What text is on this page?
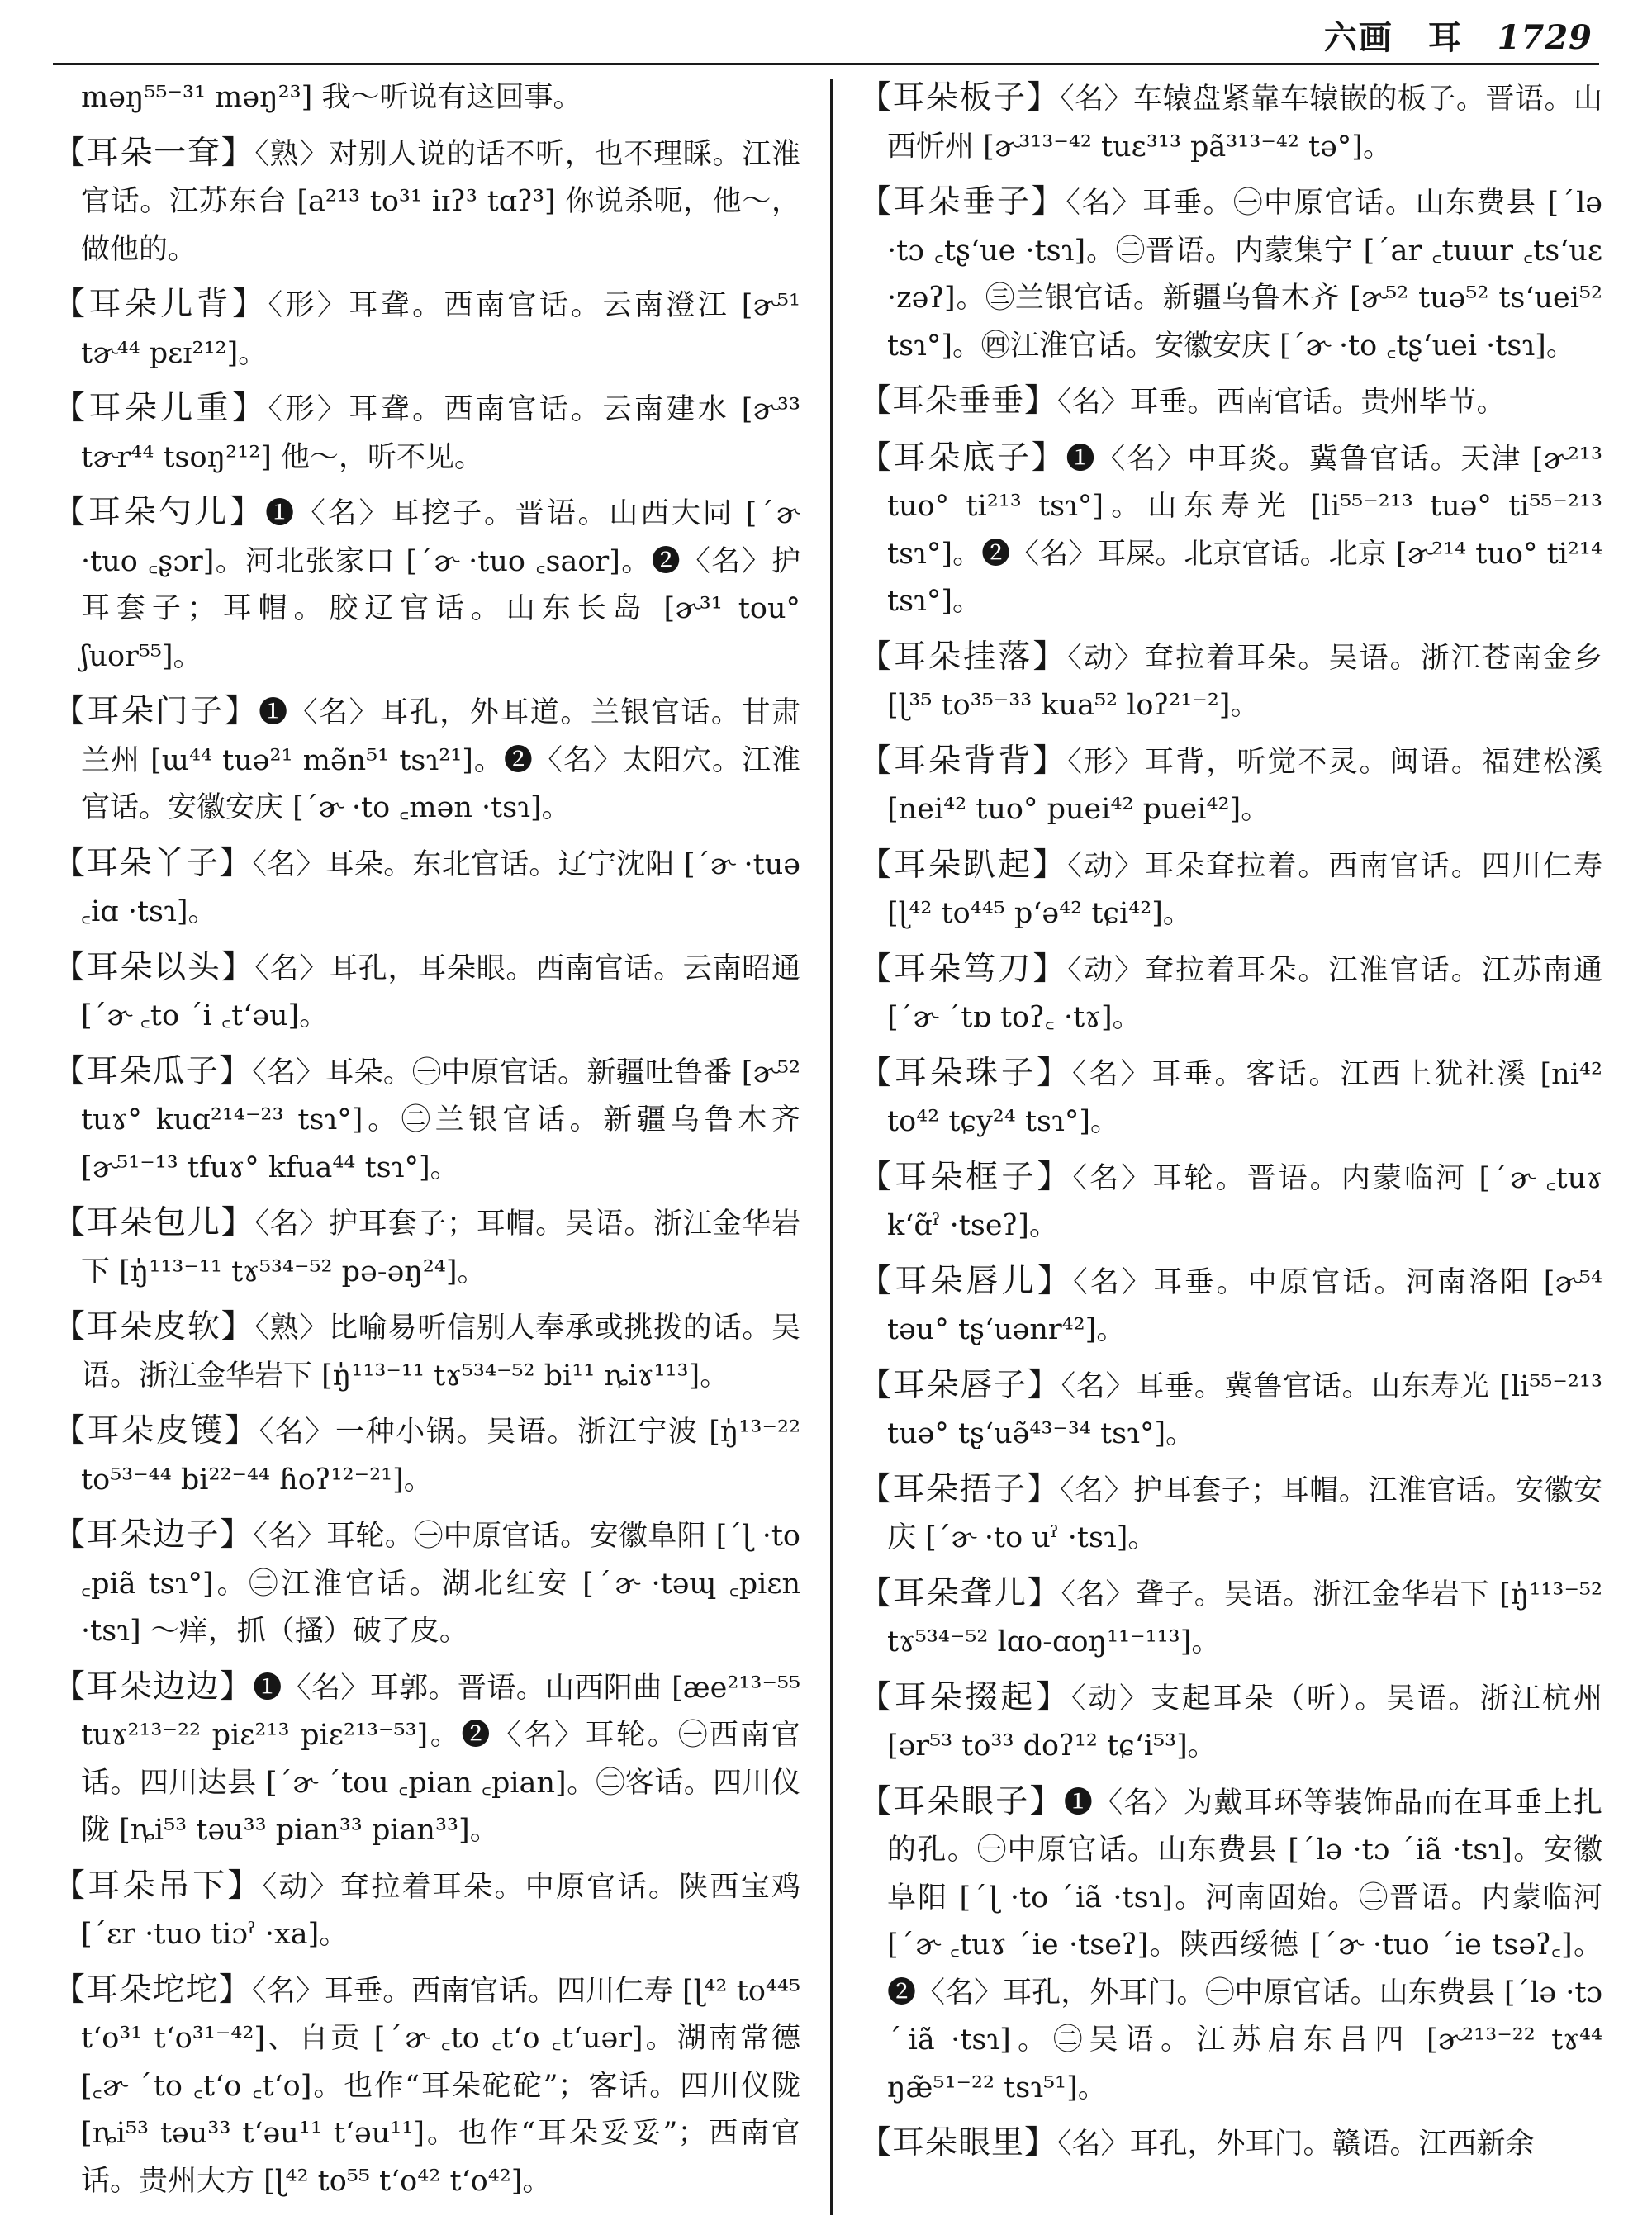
六画 耳 1729

məŋ⁵⁵⁻³¹ məŋ²³] 我～听说有这回事。

【耳朵一耷】〈熟〉对别人说的话不听，也不理睬。江淮官话。江苏东台 [a²¹³ to³¹ iɪʔ³ tɑʔ³] 你说杀呃，他～，做他的。

【耳朵儿背】〈形〉耳聋。西南官话。云南澄江 [ɚ⁵¹ tɚ⁴⁴ pɛɪ²¹²]。

【耳朵儿重】〈形〉耳聋。西南官话。云南建水 [ɚ³³ tɚr⁴⁴ tsoŋ²¹²] 他～，听不见。

【耳朵勺儿】❶〈名〉耳挖子。晋语。山西大同 [ˊɚ ·tuo ꜀ʂɔr]。河北张家口 [ˊɚ ·tuo ꜀saor]。❷〈名〉护耳套子；耳帽。胶辽官话。山东长岛 [ɚ³¹ tou° ʃuor⁵⁵]。

【耳朵门子】❶〈名〉耳孔，外耳道。兰银官话。甘肃兰州 [ɯ⁴⁴ tuə²¹ mə̃n⁵¹ tsɿ²¹]。❷〈名〉太阳穴。江淮官话。安徽安庆 [ˊɚ ·to ꜀mən ·tsɿ]。

【耳朵丫子】〈名〉耳朵。东北官话。辽宁沈阳 [ˊɚ ·tuə ꜀iɑ ·tsɿ]。

【耳朵以头】〈名〉耳孔，耳朵眼。西南官话。云南昭通 [ˊɚ ꜀to ˊi ꜀tʻəu]。

【耳朵瓜子】〈名〉耳朵。㊀中原官话。新疆吐鲁番 [ɚ⁵² tuɤ° kuɑ²¹⁴⁻²³ tsɿ°]。㊁兰银官话。新疆乌鲁木齐 [ɚ⁵¹⁻¹³ tfuɤ° kfua⁴⁴ tsɿ°]。

【耳朵包儿】〈名〉护耳套子；耳帽。吴语。浙江金华岩下 [ŋ̍¹¹³⁻¹¹ tɤ⁵³⁴⁻⁵² pə-əŋ²⁴]。

【耳朵皮软】〈熟〉比喻易听信别人奉承或挑拨的话。吴语。浙江金华岩下 [ŋ̍¹¹³⁻¹¹ tɤ⁵³⁴⁻⁵² bi¹¹ ȵiɤ¹¹³]。

【耳朵皮镬】〈名〉一种小锅。吴语。浙江宁波 [ŋ̍¹³⁻²² to⁵³⁻⁴⁴ bi²²⁻⁴⁴ ɦoʔ¹²⁻²¹]。

【耳朵边子】〈名〉耳轮。㊀中原官话。安徽阜阳 [ˊɭ ·to ꜀piã tsɿ°]。㊁江淮官话。湖北红安 [ˊɚ ·təɰ ꜀piɛn ·tsɿ] ～痒，抓（搔）破了皮。

【耳朵边边】❶〈名〉耳郭。晋语。山西阳曲 [æe²¹³⁻⁵⁵ tuɤ²¹³⁻²² piɛ²¹³ piɛ²¹³⁻⁵³]。❷〈名〉耳轮。㊀西南官话。四川达县 [ˊɚ ˊtou ꜀pian ꜀pian]。㊁客话。四川仪陇 [ȵi⁵³ təu³³ pian³³ pian³³]。

【耳朵吊下】〈动〉耷拉着耳朵。中原官话。陕西宝鸡 [ˊɛr ·tuo tiɔˀ ·xa]。

【耳朵坨坨】〈名〉耳垂。西南官话。四川仁寿 [ɭ⁴² to⁴⁴⁵ tʻo³¹ tʻo³¹⁻⁴²]、自贡 [ˊɚ ꜀to ꜀tʻo ꜀tʻuər]。湖南常德 [꜀ɚ ˊto ꜀tʻo ꜀tʻo]。也作“耳朵砣砣”；客话。四川仪陇 [ȵi⁵³ təu³³ tʻəu¹¹ tʻəu¹¹]。也作“耳朵妥妥”；西南官话。贵州大方 [ɭ⁴² to⁵⁵ tʻo⁴² tʻo⁴²]。

【耳朵板子】〈名〉车辕盘紧靠车辕嵌的板子。晋语。山西忻州 [ɚ³¹³⁻⁴² tuɛ³¹³ pã³¹³⁻⁴² tə°]。

【耳朵垂子】〈名〉耳垂。㊀中原官话。山东费县 [ˊlə ·tɔ ꜀tʂʻue ·tsɿ]。㊁晋语。内蒙集宁 [ˊar ꜀tuɯr ꜀tsʻuɛ ·zəʔ]。㊂兰银官话。新疆乌鲁木齐 [ɚ⁵² tuə⁵² tsʻuei⁵² tsɿ°]。㊃江淮官话。安徽安庆 [ˊɚ ·to ꜀tʂʻuei ·tsɿ]。

【耳朵垂垂】〈名〉耳垂。西南官话。贵州毕节。

【耳朵底子】❶〈名〉中耳炎。冀鲁官话。天津 [ɚ²¹³ tuo° ti²¹³ tsɿ°]。山东寿光 [li⁵⁵⁻²¹³ tuə° ti⁵⁵⁻²¹³ tsɿ°]。❷〈名〉耳屎。北京官话。北京 [ɚ²¹⁴ tuo° ti²¹⁴ tsɿ°]。

【耳朵挂落】〈动〉耷拉着耳朵。吴语。浙江苍南金乡 [ɭ³⁵ to³⁵⁻³³ kua⁵² loʔ²¹⁻²]。

【耳朵背背】〈形〉耳背，听觉不灵。闽语。福建松溪 [nei⁴² tuo° puei⁴² puei⁴²]。

【耳朵趴起】〈动〉耳朵耷拉着。西南官话。四川仁寿 [ɭ⁴² to⁴⁴⁵ pʻə⁴² tɕi⁴²]。

【耳朵笃刀】〈动〉耷拉着耳朵。江淮官话。江苏南通 [ˊɚ ˊtɒ toʔ꜀ ·tɤ]。

【耳朵珠子】〈名〉耳垂。客话。江西上犹社溪 [ni⁴² to⁴² tɕy²⁴ tsɿ°]。

【耳朵框子】〈名〉耳轮。晋语。内蒙临河 [ˊɚ ꜀tuɤ kʻɑ̃ˀ ·tseʔ]。

【耳朵唇儿】〈名〉耳垂。中原官话。河南洛阳 [ɚ⁵⁴ təu° tʂʻuənr⁴²]。

【耳朵唇子】〈名〉耳垂。冀鲁官话。山东寿光 [li⁵⁵⁻²¹³ tuə° tʂʻuə̃⁴³⁻³⁴ tsɿ°]。

【耳朵捂子】〈名〉护耳套子；耳帽。江淮官话。安徽安庆 [ˊɚ ·to uˀ ·tsɿ]。

【耳朵聋儿】〈名〉聋子。吴语。浙江金华岩下 [ŋ̍¹¹³⁻⁵² tɤ⁵³⁴⁻⁵² lɑo-ɑoŋ¹¹⁻¹¹³]。

【耳朵掇起】〈动〉支起耳朵（听）。吴语。浙江杭州 [ər⁵³ to³³ doʔ¹² tɕʻi⁵³]。

【耳朵眼子】❶〈名〉为戴耳环等装饰品而在耳垂上扎的孔。㊀中原官话。山东费县 [ˊlə ·tɔ ˊiã ·tsɿ]。安徽阜阳 [ˊɭ ·to ˊiã ·tsɿ]。河南固始。㊁晋语。内蒙临河 [ˊɚ ꜀tuɤ ˊie ·tseʔ]。陕西绥德 [ˊɚ ·tuo ˊie tsəʔ꜀]。❷〈名〉耳孔，外耳门。㊀中原官话。山东费县 [ˊlə ·tɔ ˊiã ·tsɿ]。㊁吴语。江苏启东吕四 [ɚ²¹³⁻²² tɤ⁴⁴ ŋæ̃⁵¹⁻²² tsɿ⁵¹]。

【耳朵眼里】〈名〉耳孔，外耳门。赣语。江西新余
